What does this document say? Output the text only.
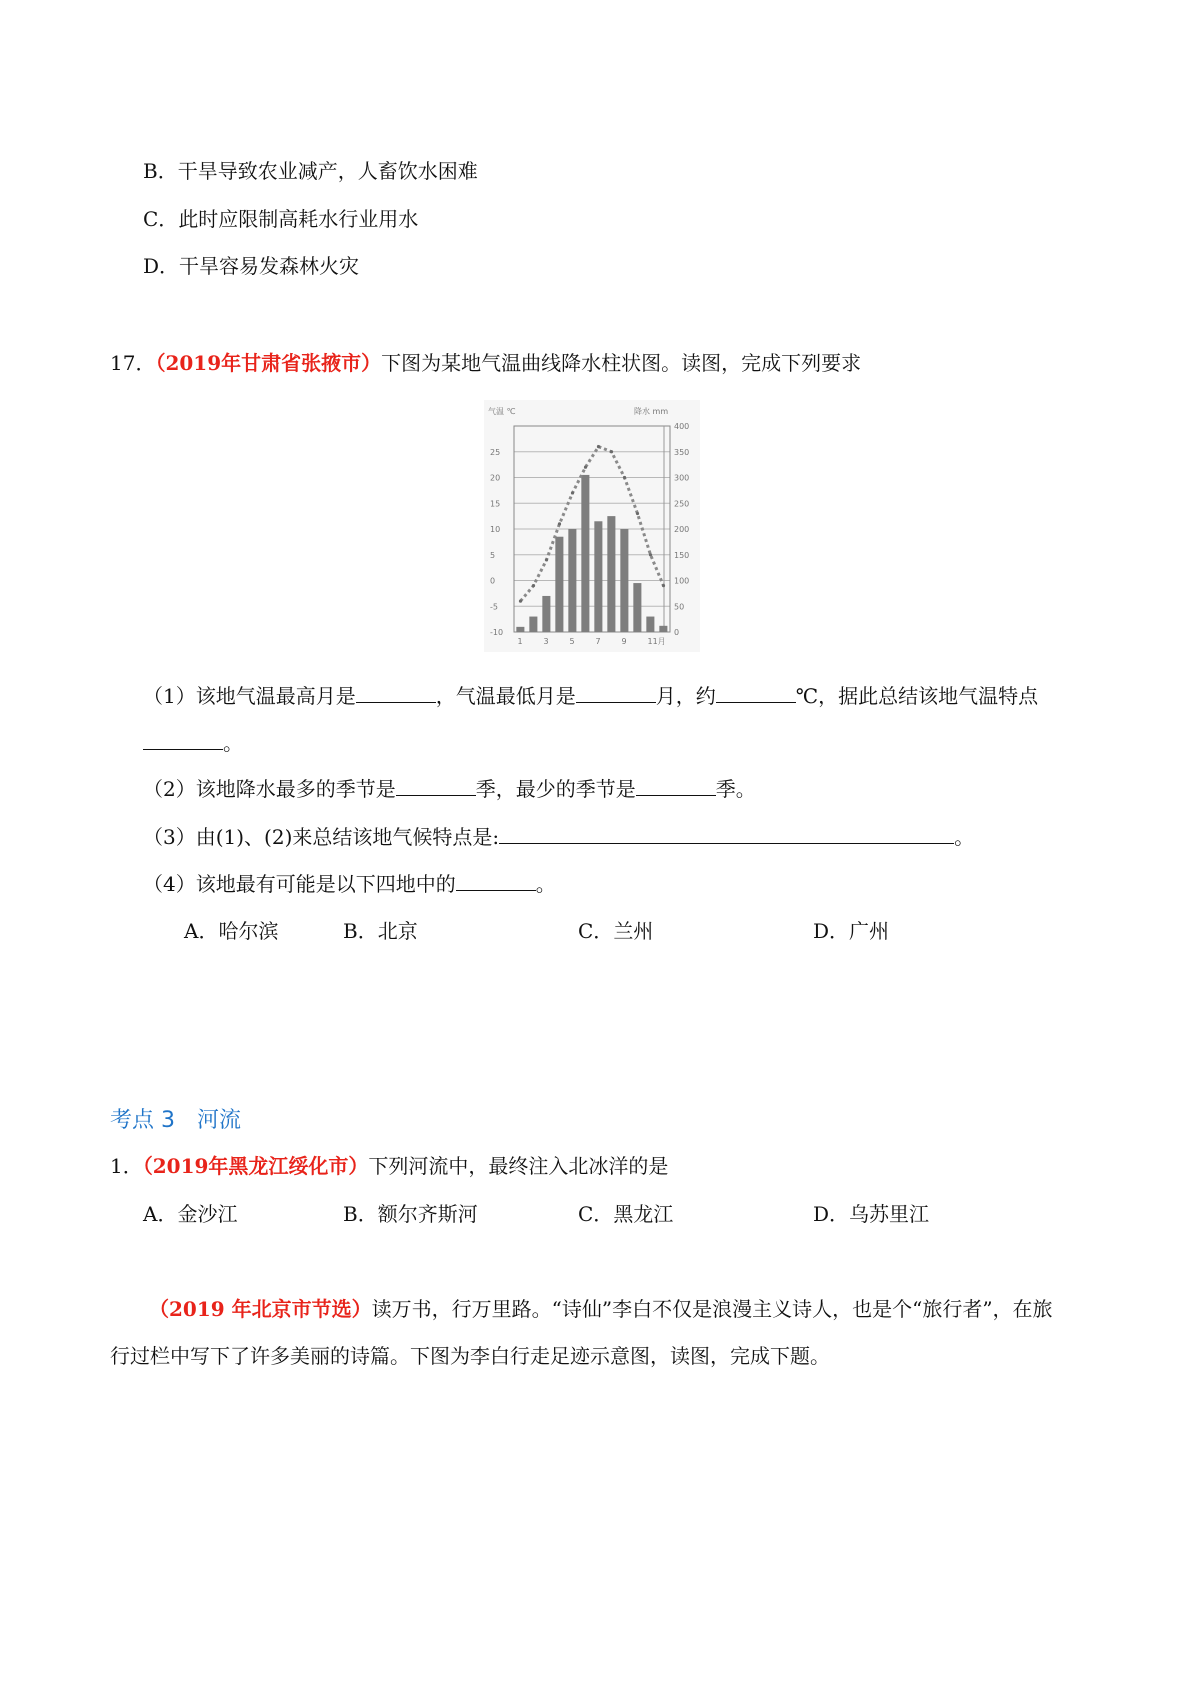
B．干旱导致农业减产，人畜饮水困难
C．此时应限制高耗水行业用水
D．干旱容易发森林火灾
17．（2019年甘肃省张掖市）下图为某地气温曲线降水柱状图。读图，完成下列要求
气温 ℃	降水 mm
400
350
300
250
200
150
100
50
0
25
20
15
10
5
0
-5
-10
1	3	5	7	9	11月
（1）该地气温最高月是	，气温最低月是	月，约	℃，据此总结该地气温特点
。
（2）该地降水最多的季节是	季，最少的季节是	季。
（3）由(1)、(2)来总结该地气候特点是:	。
（4）该地最有可能是以下四地中的	。
A．哈尔滨	B．北京	C．兰州	D．广州
考点 3　河流
1．（2019年黑龙江绥化市）下列河流中，最终注入北冰洋的是
A．金沙江	B．额尔齐斯河	C．黑龙江	D．乌苏里江
（2019 年北京市节选）读万书，行万里路。“诗仙”李白不仅是浪漫主义诗人，也是个“旅行者”，在旅
行过栏中写下了许多美丽的诗篇。下图为李白行走足迹示意图，读图，完成下题。
